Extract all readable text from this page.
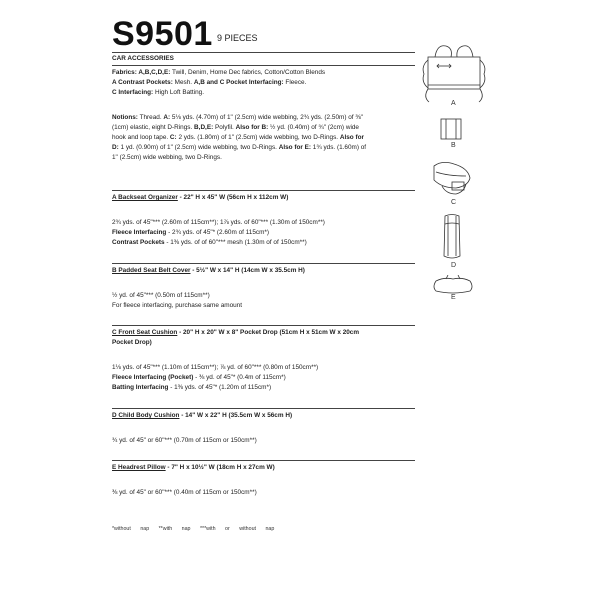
S9501 9 PIECES
CAR ACCESSORIES
Fabrics: A,B,C,D,E: Twill, Denim, Home Dec fabrics, Cotton/Cotton Blends
A Contrast Pockets: Mesh. A,B and C Pocket Interfacing: Fleece.
C Interfacing: High Loft Batting.
Notions: Thread. A: 5⅛ yds. (4.70m) of 1" (2.5cm) wide webbing, 2¾ yds. (2.50m) of ⅜"
(1cm) elastic, eight D-Rings. B,D,E: Polyfil. Also for B: ½ yd. (0.40m) of ¾" (2cm) wide
hook and loop tape. C: 2 yds. (1.80m) of 1" (2.5cm) wide webbing, two D-Rings. Also for
D: 1 yd. (0.90m) of 1" (2.5cm) wide webbing, two D-Rings. Also for E: 1¾ yds. (1.60m) of
1" (2.5cm) wide webbing, two D-Rings.
A Backseat Organizer - 22" H x 45" W (56cm H x 112cm W)
2¾ yds. of 45"*** (2.60m of 115cm**); 1⅞ yds. of 60"*** (1.30m of 150cm**)
Fleece Interfacing - 2¾ yds. of 45"* (2.60m of 115cm*)
Contrast Pockets - 1⅜ yds. of of 60"*** mesh (1.30m of of 150cm**)
B Padded Seat Belt Cover - 5½" W x 14" H (14cm W x 35.5cm H)
½ yd. of 45"*** (0.50m of 115cm**)
For fleece interfacing, purchase same amount
C Front Seat Cushion - 20" H x 20" W x 8" Pocket Drop (51cm H x 51cm W x 20cm
Pocket Drop)
1⅛ yds. of 45"*** (1.10m of 115cm**); ⅞ yd. of 60"*** (0.80m of 150cm**)
Fleece Interfacing (Pocket) - ⅜ yd. of 45"* (0.4m of 115cm*)
Batting Interfacing - 1⅜ yds. of 45"* (1.20m of 115cm*)
D Child Body Cushion - 14" W x 22" H (35.5cm W x 56cm H)
¾ yd. of 45" or 60"*** (0.70m of 115cm or 150cm**)
E Headrest Pillow - 7" H x 10½" W (18cm H x 27cm W)
⅜ yd. of 45" or 60"*** (0.40m of 115cm or 150cm**)
*without nap **with nap ***with or without nap
A
B
C
D
E
